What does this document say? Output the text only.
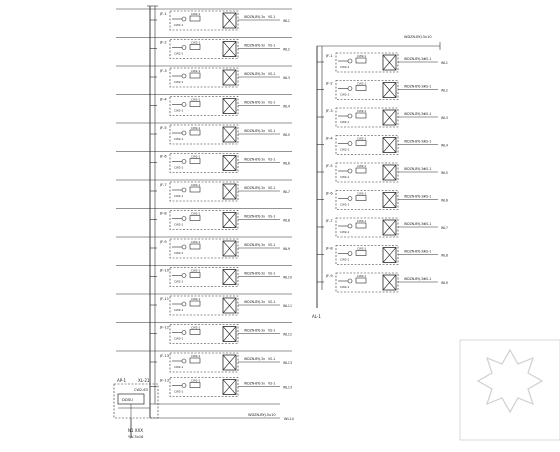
JF-1	CW2-1
CW2-1
WDZN-BYJ-3x VS-1
WL1
JF-2	CW2-1
CW2-1
WDZN-BYJ-3x VS-1
WL2
JF-3	CW2-1
CW2-1
WDZN-BYJ-3x VS-1
WL3
JF-4	CW2-1
CW2-1
WDZN-BYJ-3x VS-1
WL4
JF-5	CW2-1
CW2-1
WDZN-BYJ-3x VS-1
WL5
JF-6	CW2-1
CW2-1
WDZN-BYJ-3x VS-1
WL6
JF-7	CW2-1
CW2-1
WDZN-BYJ-3x VS-1
WL7
JF-8	CW2-1
CW2-1
WDZN-BYJ-3x VS-1
WL8
JF-9	CW2-1
CW2-1
WDZN-BYJ-3x VS-1
WL9
JF-10	CW2-1
CW2-1
WDZN-BYJ-3x VS-1
WL10
JF-11	CW2-1
CW2-1
WDZN-BYJ-3x VS-1
WL11
JF-12	CW2-1
CW2-1
WDZN-BYJ-3x VS-1
WL12
JF-13	CW2-1
CW2-1
WDZN-BYJ-3x VS-1
WL13
JF-13	CW2-1
CW2-1
WDZN-BYJ-3x VS-1
WL13
JF-1	CW2-1
CW2-1
WDZN-BYJ-3x
VS-1
WL1
JF-2	CW2-1
CW2-1
WDZN-BYJ-3x
VS-1
WL2
JF-3	CW2-1
CW2-1
WDZN-BYJ-3x
VS-1
WL3
JF-4	CW2-1
CW2-1
WDZN-BYJ-3x
VS-1
WL4
JF-5	CW2-1
CW2-1
WDZN-BYJ-3x
VS-1
WL5
JF-6	CW2-1
CW2-1
WDZN-BYJ-3x
VS-1
WL6
JF-7	CW2-1
CW2-1
WDZN-BYJ-3x
VS-1
WL7
JF-8	CW2-1
CW2-1
WDZN-BYJ-3x
VS-1
WL8
JF-9	CW2-1
CW2-1
WDZN-BYJ-3x
VS-1
WL9
AP-1	XL-21
CW2-63
DDSU
N1 XXX
YJV-5x16
WDZN-BYJ-5x10
WL14
WDZN-BYJ-5x10
AL-1
